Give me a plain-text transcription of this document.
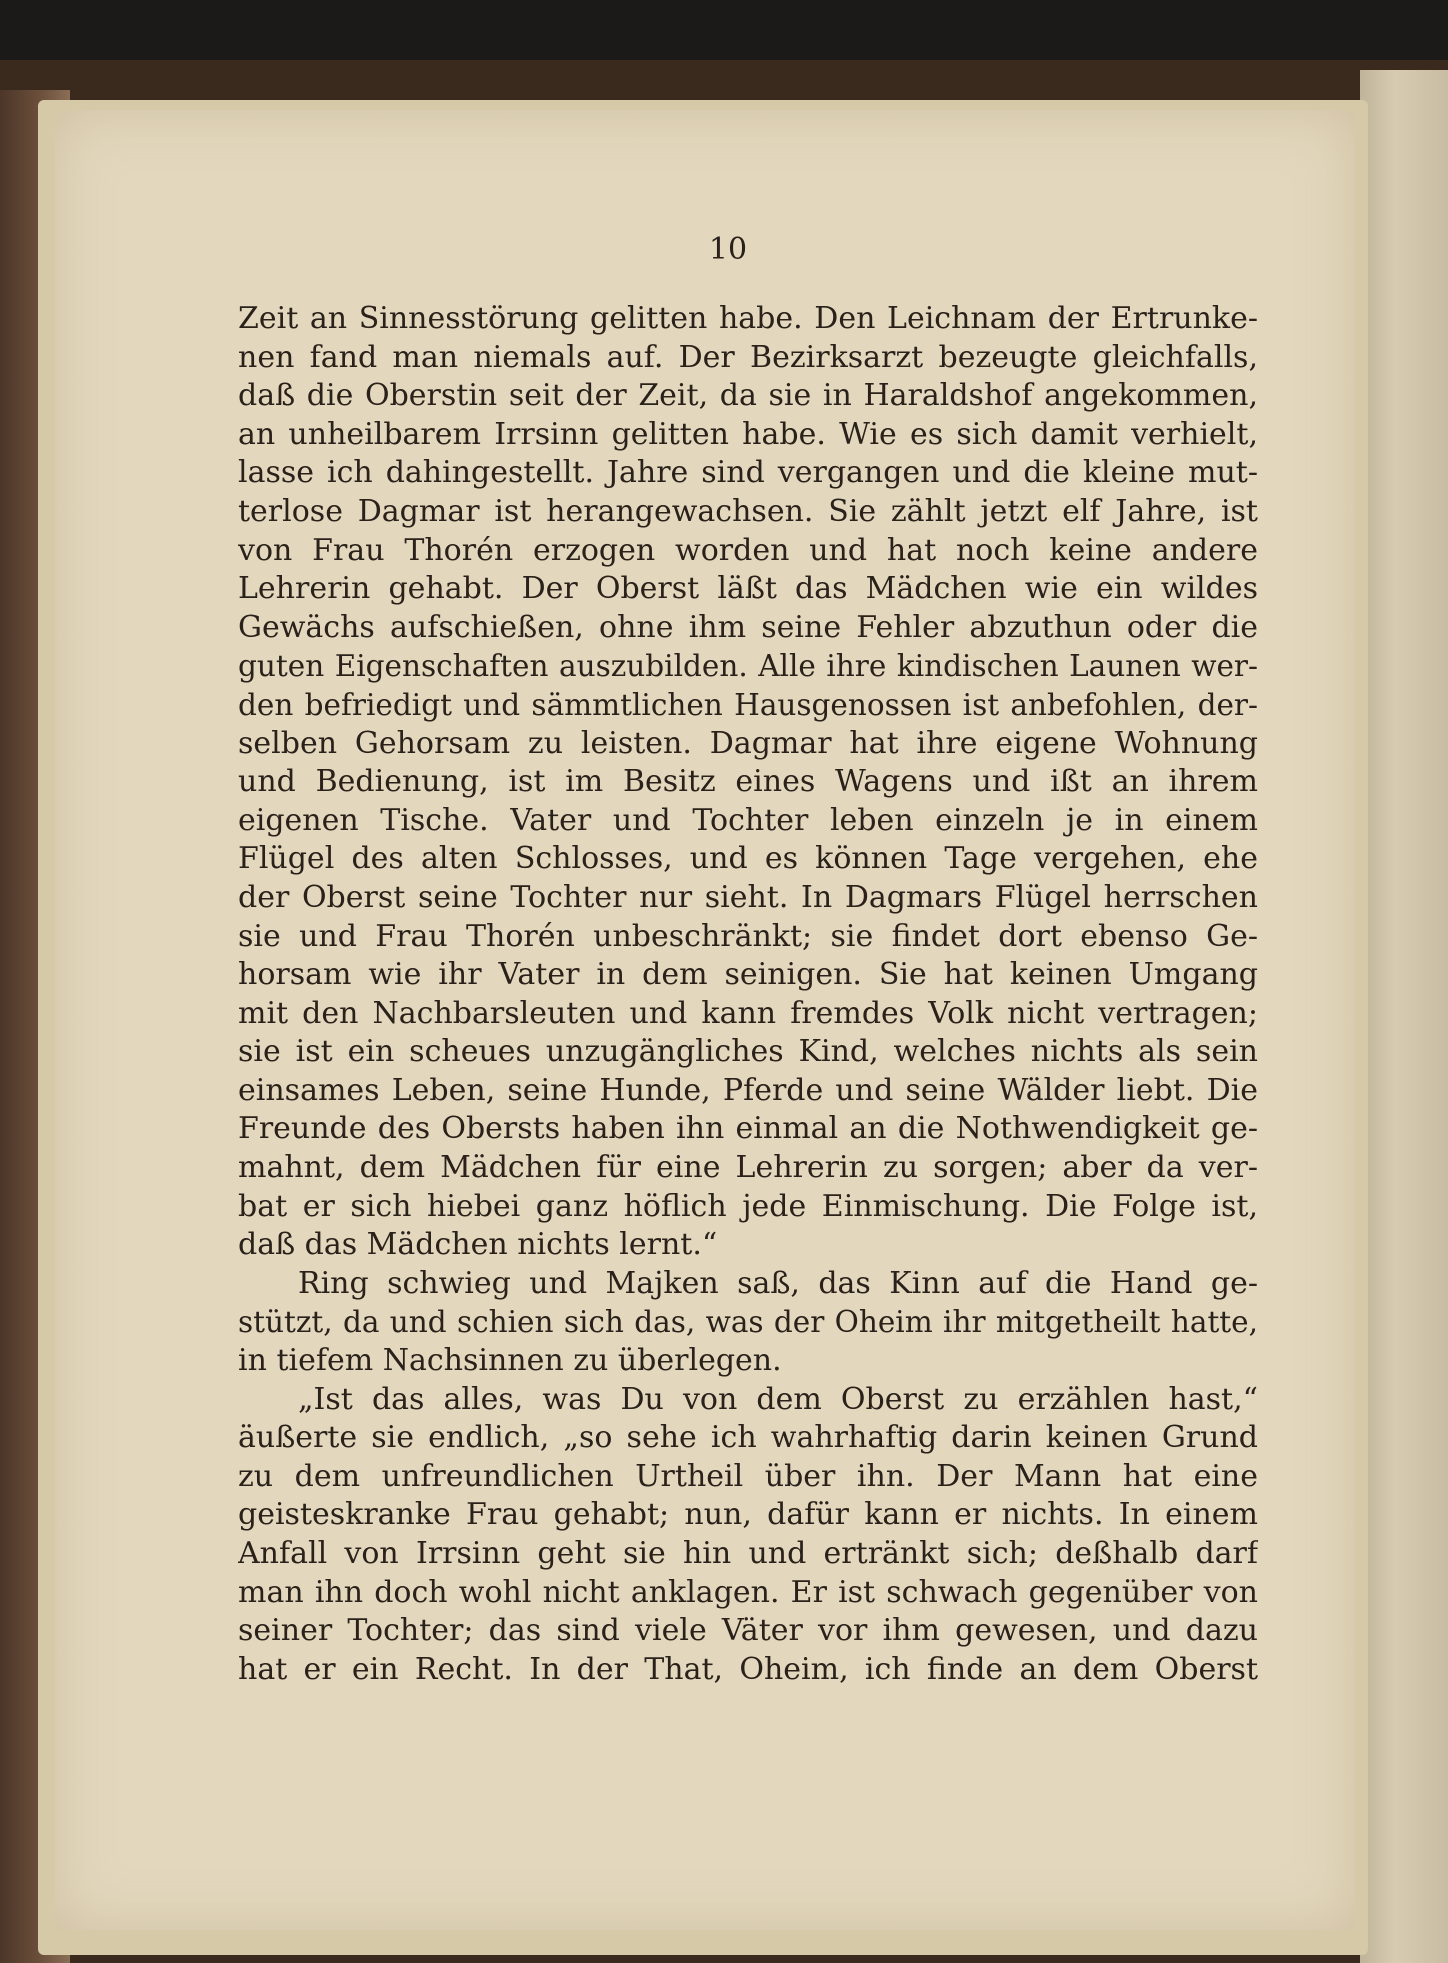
10
Zeit an Sinnesstörung gelitten habe. Den Leichnam der Ertrunke-
nen fand man niemals auf. Der Bezirksarzt bezeugte gleichfalls,
daß die Oberstin seit der Zeit, da sie in Haraldshof angekommen,
an unheilbarem Irrsinn gelitten habe. Wie es sich damit verhielt,
lasse ich dahingestellt. Jahre sind vergangen und die kleine mut-
terlose Dagmar ist herangewachsen. Sie zählt jetzt elf Jahre, ist
von Frau Thorén erzogen worden und hat noch keine andere
Lehrerin gehabt. Der Oberst läßt das Mädchen wie ein wildes
Gewächs aufschießen, ohne ihm seine Fehler abzuthun oder die
guten Eigenschaften auszubilden. Alle ihre kindischen Launen wer-
den befriedigt und sämmtlichen Hausgenossen ist anbefohlen, der-
selben Gehorsam zu leisten. Dagmar hat ihre eigene Wohnung
und Bedienung, ist im Besitz eines Wagens und ißt an ihrem
eigenen Tische. Vater und Tochter leben einzeln je in einem
Flügel des alten Schlosses, und es können Tage vergehen, ehe
der Oberst seine Tochter nur sieht. In Dagmars Flügel herrschen
sie und Frau Thorén unbeschränkt; sie findet dort ebenso Ge-
horsam wie ihr Vater in dem seinigen. Sie hat keinen Umgang
mit den Nachbarsleuten und kann fremdes Volk nicht vertragen;
sie ist ein scheues unzugängliches Kind, welches nichts als sein
einsames Leben, seine Hunde, Pferde und seine Wälder liebt. Die
Freunde des Obersts haben ihn einmal an die Nothwendigkeit ge-
mahnt, dem Mädchen für eine Lehrerin zu sorgen; aber da ver-
bat er sich hiebei ganz höflich jede Einmischung. Die Folge ist,
daß das Mädchen nichts lernt.“
Ring schwieg und Majken saß, das Kinn auf die Hand ge-
stützt, da und schien sich das, was der Oheim ihr mitgetheilt hatte,
in tiefem Nachsinnen zu überlegen.
„Ist das alles, was Du von dem Oberst zu erzählen hast,“
äußerte sie endlich, „so sehe ich wahrhaftig darin keinen Grund
zu dem unfreundlichen Urtheil über ihn. Der Mann hat eine
geisteskranke Frau gehabt; nun, dafür kann er nichts. In einem
Anfall von Irrsinn geht sie hin und ertränkt sich; deßhalb darf
man ihn doch wohl nicht anklagen. Er ist schwach gegenüber von
seiner Tochter; das sind viele Väter vor ihm gewesen, und dazu
hat er ein Recht. In der That, Oheim, ich finde an dem Oberst
